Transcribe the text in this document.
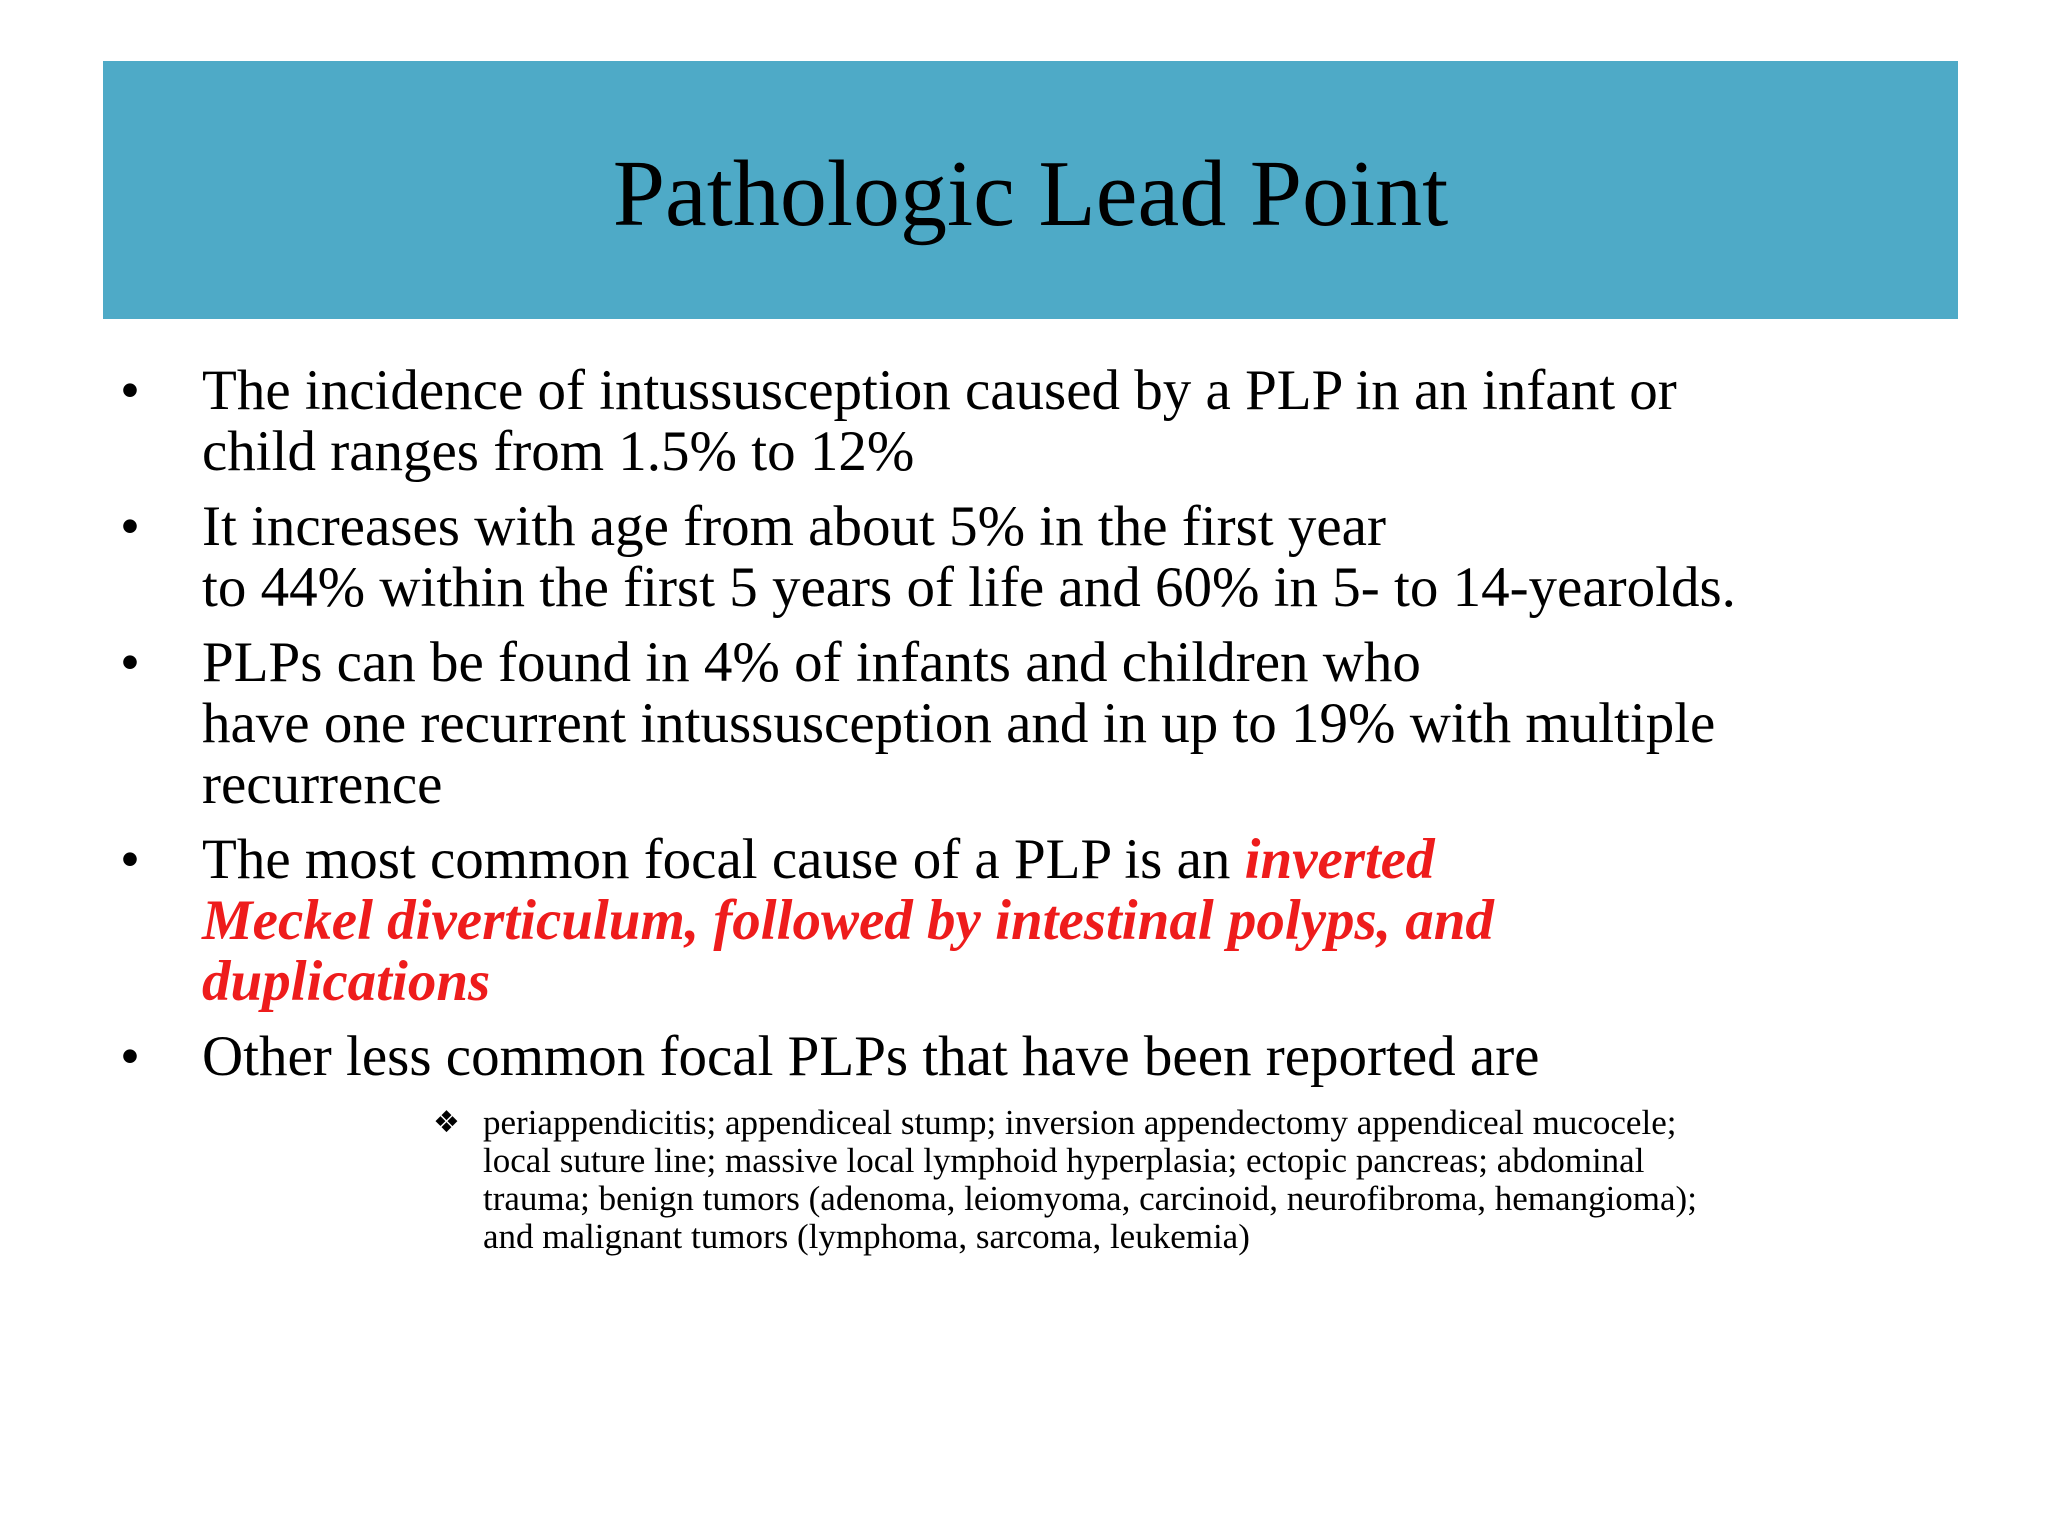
Pathologic Lead Point
•	The incidence of intussusception caused by a PLP in an infant or
child ranges from 1.5% to 12%
•	It increases with age from about 5% in the first year
to 44% within the first 5 years of life and 60% in 5- to 14-yearolds.
•	PLPs can be found in 4% of infants and children who
have one recurrent intussusception and in up to 19% with multiple
recurrence
•	The most common focal cause of a PLP is an inverted
Meckel diverticulum, followed by intestinal polyps, and
duplications
•	Other less common focal PLPs that have been reported are
❖ periappendicitis; appendiceal stump; inversion appendectomy appendiceal mucocele;
local suture line; massive local lymphoid hyperplasia; ectopic pancreas; abdominal
trauma; benign tumors (adenoma, leiomyoma, carcinoid, neurofibroma, hemangioma);
and malignant tumors (lymphoma, sarcoma, leukemia)
